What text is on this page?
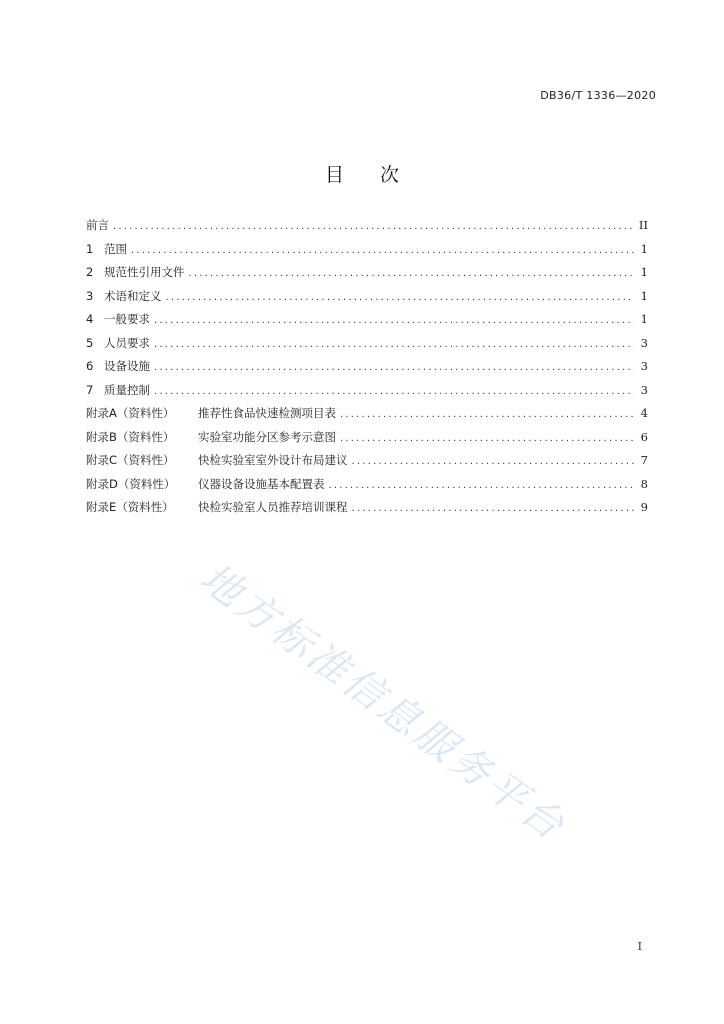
DB36/T 1336—2020
目 次
前言 .....	II
1 范围 .....	1
2 规范性引用文件 .....	1
3 术语和定义 .....	1
4 一般要求 .....	1
5 人员要求 .....	3
6 设备设施 .....	3
7 质量控制 .....	3
附录A（资料性）	推荐性食品快速检测项目表 .....	4
附录B（资料性）	实验室功能分区参考示意图 .....	6
附录C（资料性）	快检实验室室外设计布局建议 .....	7
附录D（资料性）	仪器设备设施基本配置表 .....	8
附录E（资料性）	快检实验室人员推荐培训课程 .....	9
地方标准信息服务平台
I
